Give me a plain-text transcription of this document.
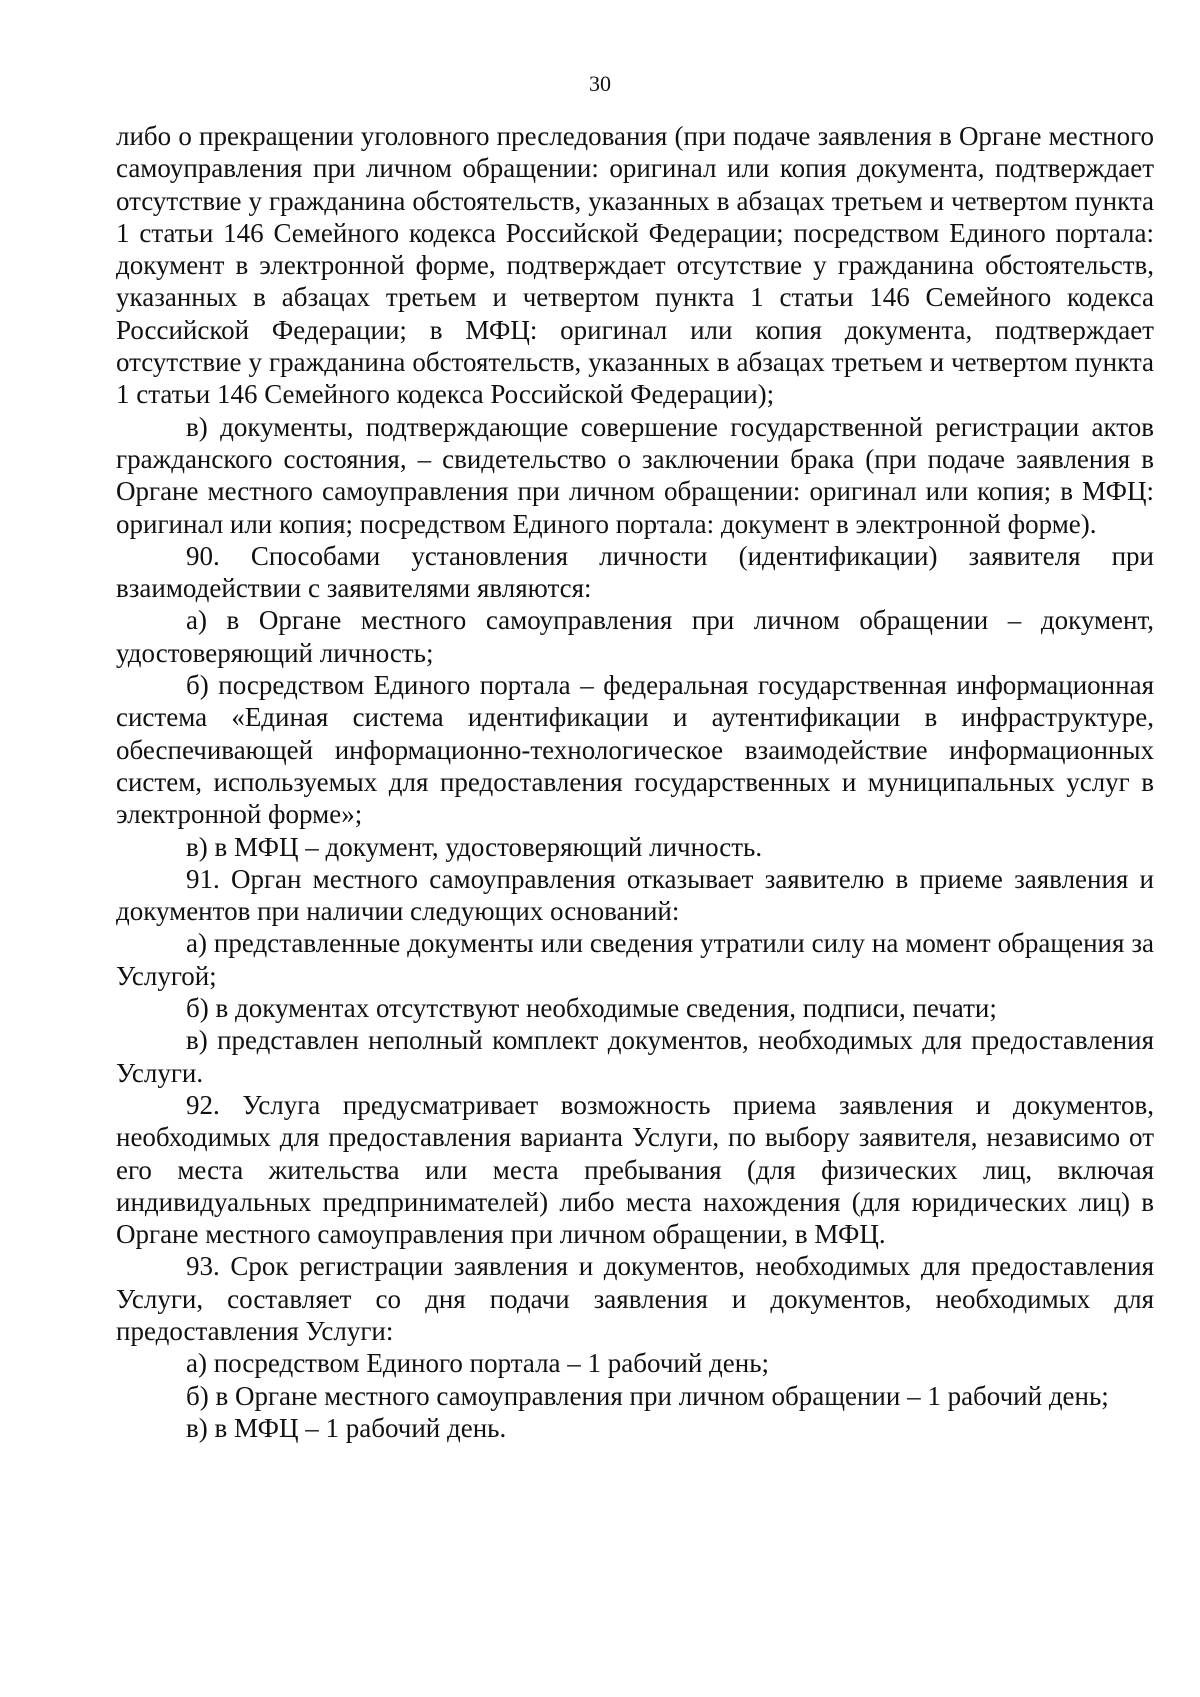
30

либо о прекращении уголовного преследования (при подаче заявления в Органе местного самоуправления при личном обращении: оригинал или копия документа, подтверждает отсутствие у гражданина обстоятельств, указанных в абзацах третьем и четвертом пункта 1 статьи 146 Семейного кодекса Российской Федерации; посредством Единого портала: документ в электронной форме, подтверждает отсутствие у гражданина обстоятельств, указанных в абзацах третьем и четвертом пункта 1 статьи 146 Семейного кодекса Российской Федерации; в МФЦ: оригинал или копия документа, подтверждает отсутствие у гражданина обстоятельств, указанных в абзацах третьем и четвертом пункта 1 статьи 146 Семейного кодекса Российской Федерации);

в) документы, подтверждающие совершение государственной регистрации актов гражданского состояния, – свидетельство о заключении брака (при подаче заявления в Органе местного самоуправления при личном обращении: оригинал или копия; в МФЦ: оригинал или копия; посредством Единого портала: документ в электронной форме).

90. Способами установления личности (идентификации) заявителя при взаимодействии с заявителями являются:

а) в Органе местного самоуправления при личном обращении – документ, удостоверяющий личность;

б) посредством Единого портала – федеральная государственная информационная система «Единая система идентификации и аутентификации в инфраструктуре, обеспечивающей информационно-технологическое взаимодействие информационных систем, используемых для предоставления государственных и муниципальных услуг в электронной форме»;

в) в МФЦ – документ, удостоверяющий личность.

91. Орган местного самоуправления отказывает заявителю в приеме заявления и документов при наличии следующих оснований:

а) представленные документы или сведения утратили силу на момент обращения за Услугой;

б) в документах отсутствуют необходимые сведения, подписи, печати;

в) представлен неполный комплект документов, необходимых для предоставления Услуги.

92. Услуга предусматривает возможность приема заявления и документов, необходимых для предоставления варианта Услуги, по выбору заявителя, независимо от его места жительства или места пребывания (для физических лиц, включая индивидуальных предпринимателей) либо места нахождения (для юридических лиц) в Органе местного самоуправления при личном обращении, в МФЦ.

93. Срок регистрации заявления и документов, необходимых для предоставления Услуги, составляет со дня подачи заявления и документов, необходимых для предоставления Услуги:

а) посредством Единого портала – 1 рабочий день;

б) в Органе местного самоуправления при личном обращении – 1 рабочий день;

в) в МФЦ – 1 рабочий день.
